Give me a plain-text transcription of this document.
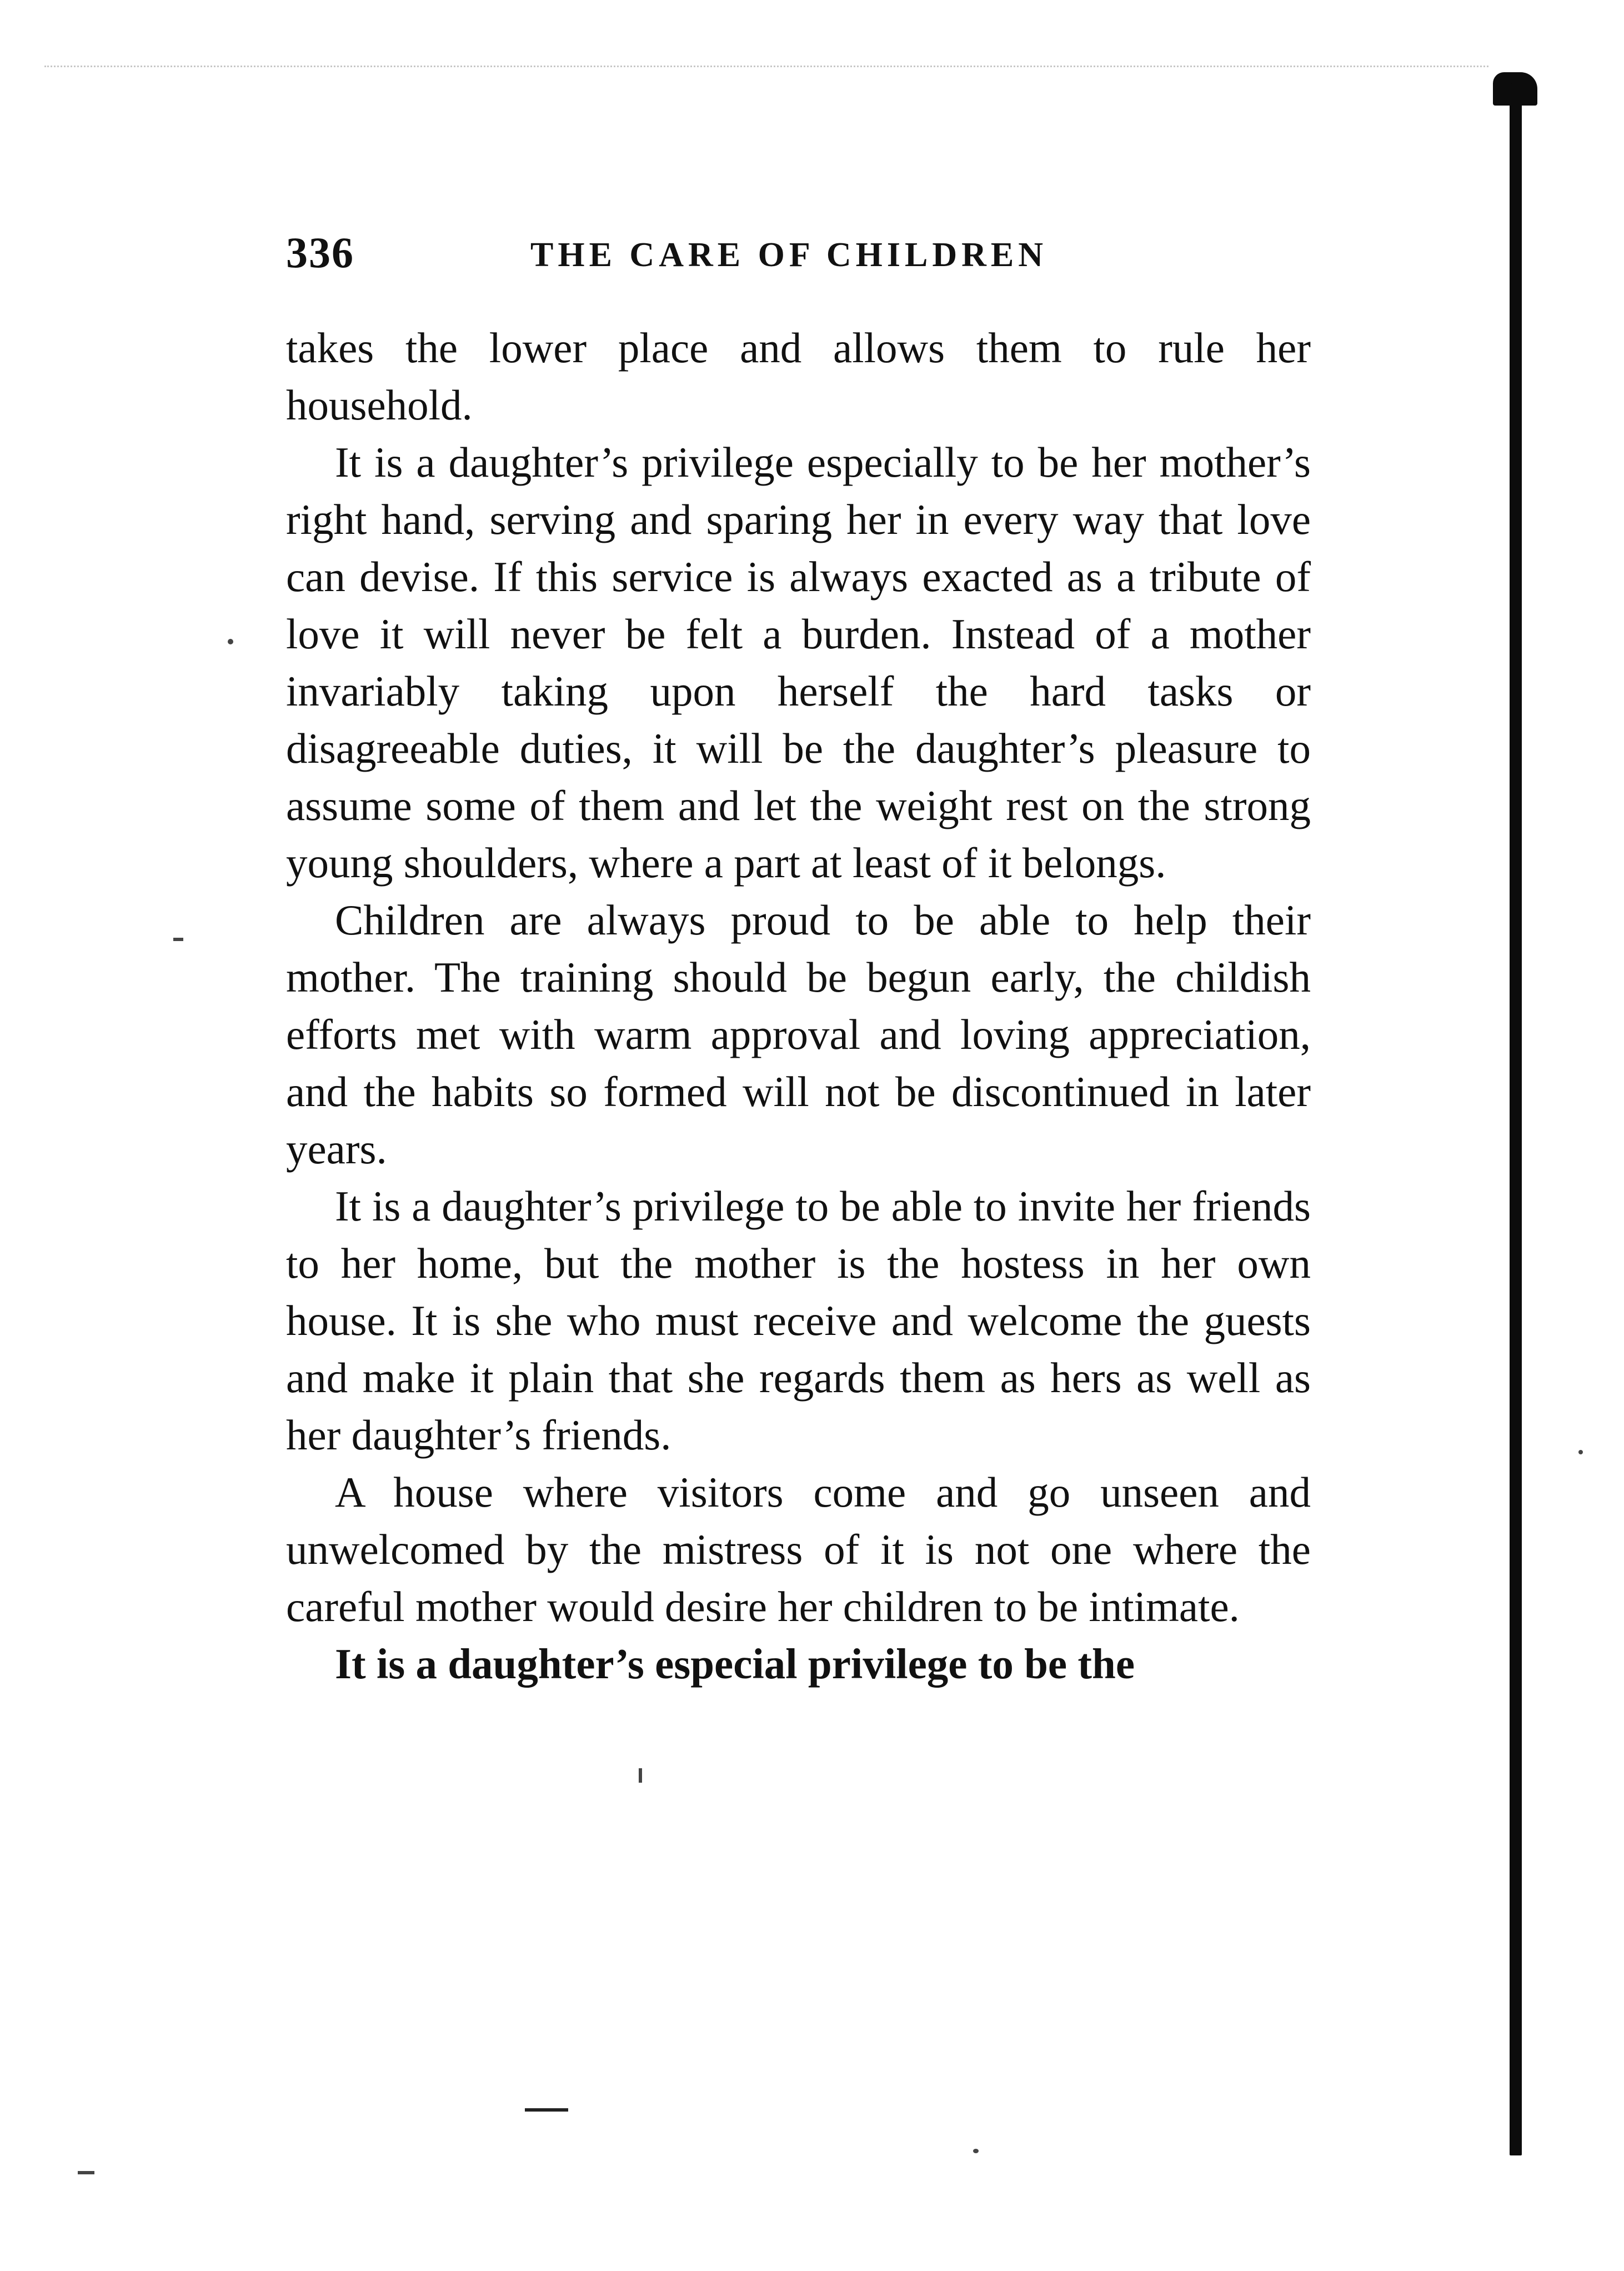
336	THE CARE OF CHILDREN

takes the lower place and allows them to rule her household.

It is a daughter’s privilege especially to be her mother’s right hand, serving and sparing her in every way that love can devise. If this service is always exacted as a tribute of love it will never be felt a burden. Instead of a mother invariably taking upon herself the hard tasks or disagreeable duties, it will be the daughter’s pleasure to assume some of them and let the weight rest on the strong young shoulders, where a part at least of it belongs.

Children are always proud to be able to help their mother. The training should be begun early, the childish efforts met with warm approval and loving appreciation, and the habits so formed will not be discontinued in later years.

It is a daughter’s privilege to be able to invite her friends to her home, but the mother is the hostess in her own house. It is she who must receive and welcome the guests and make it plain that she regards them as hers as well as her daughter’s friends.

A house where visitors come and go unseen and unwelcomed by the mistress of it is not one where the careful mother would desire her children to be intimate.

It is a daughter’s especial privilege to be the
